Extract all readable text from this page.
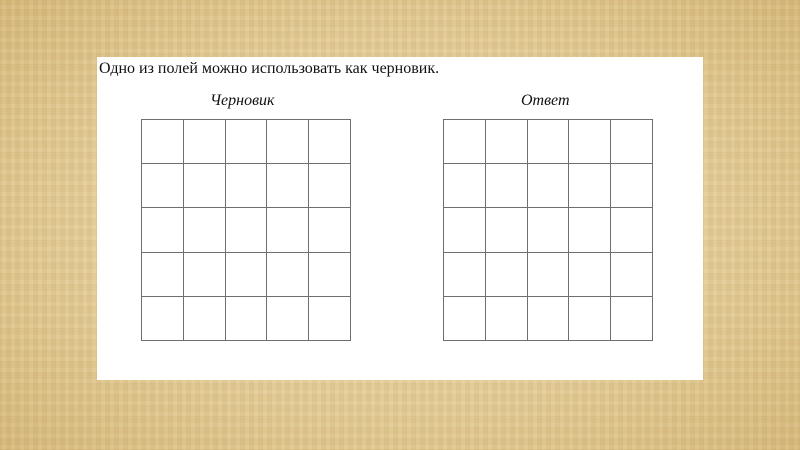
Одно из полей можно использовать как черновик.

Черновик	Ответ
